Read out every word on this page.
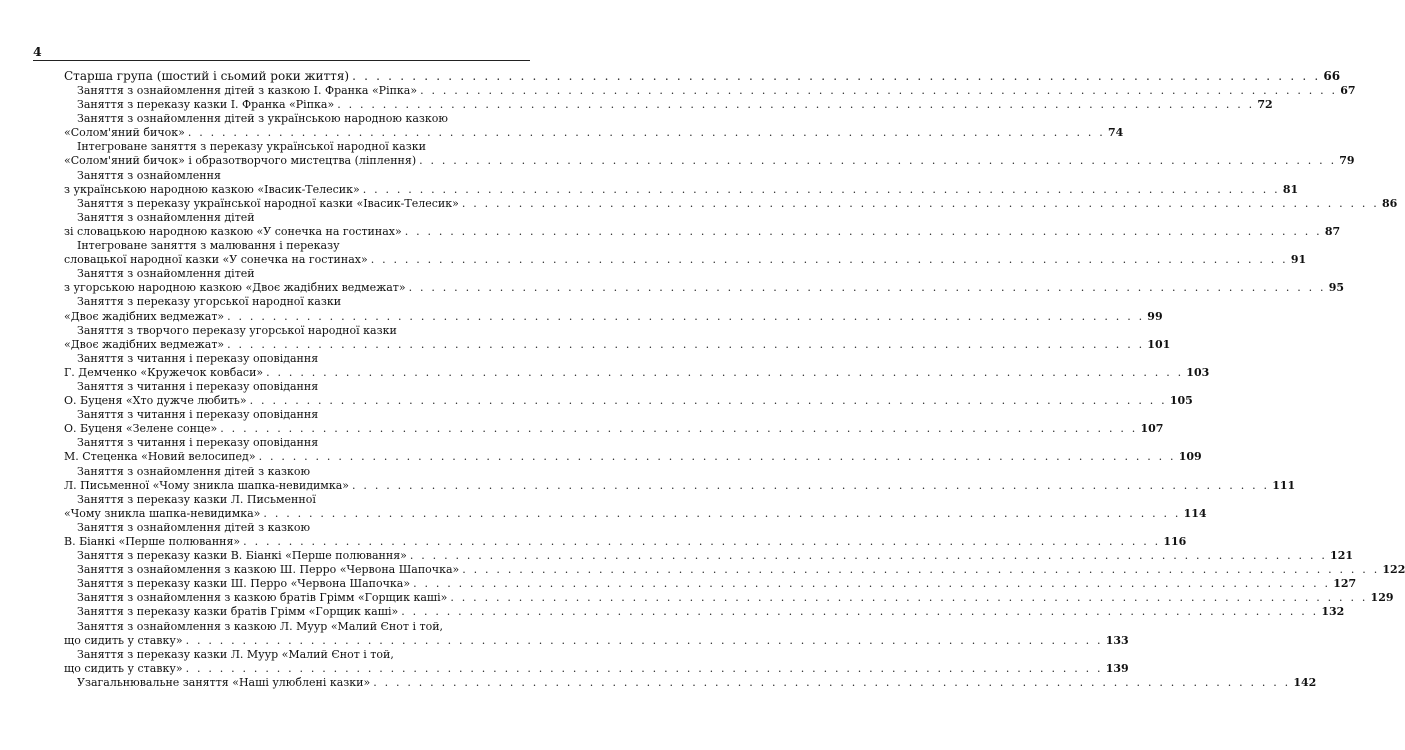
4
Старша група (шостий і сьомий роки життя) . . .	66
Заняття з ознайомлення дітей з казкою І. Франка «Ріпка» . . .	67
Заняття з переказу казки І. Франка «Ріпка» . . .	72
Заняття з ознайомлення дітей з українською народною казкою
«Солом'яний бичок» . . .	74
Інтегроване заняття з переказу української народної казки
«Солом'яний бичок» і образотворчого мистецтва (ліплення) . . .	79
Заняття з ознайомлення
з українською народною казкою «Івасик-Телесик» . . .	81
Заняття з переказу української народної казки «Івасик-Телесик» . . .	86
Заняття з ознайомлення дітей
зі словацькою народною казкою «У сонечка на гостинах» . . .	87
Інтегроване заняття з малювання і переказу
словацької народної казки «У сонечка на гостинах» . . .	91
Заняття з ознайомлення дітей
з угорською народною казкою «Двоє жадібних ведмежат» . . .	95
Заняття з переказу угорської народної казки
«Двоє жадібних ведмежат» . . .	99
Заняття з творчого переказу угорської народної казки
«Двоє жадібних ведмежат» . . .	101
Заняття з читання і переказу оповідання
Г. Демченко «Кружечок ковбаси» . . .	103
Заняття з читання і переказу оповідання
О. Буценя «Хто дужче любить» . . .	105
Заняття з читання і переказу оповідання
О. Буценя «Зелене сонце» . . .	107
Заняття з читання і переказу оповідання
М. Стеценка «Новий велосипед» . . .	109
Заняття з ознайомлення дітей з казкою
Л. Письменної «Чому зникла шапка-невидимка» . . .	111
Заняття з переказу казки Л. Письменної
«Чому зникла шапка-невидимка» . . .	114
Заняття з ознайомлення дітей з казкою
В. Біанкі «Перше полювання» . . .	116
Заняття з переказу казки В. Біанкі «Перше полювання» . . .	121
Заняття з ознайомлення з казкою Ш. Перро «Червона Шапочка» . . .	122
Заняття з переказу казки Ш. Перро «Червона Шапочка» . . .	127
Заняття з ознайомлення з казкою братів Грімм «Горщик каші» . . .	129
Заняття з переказу казки братів Грімм «Горщик каші» . . .	132
Заняття з ознайомлення з казкою Л. Муур «Малий Єнот і той,
що сидить у ставку» . . .	133
Заняття з переказу казки Л. Муур «Малий Єнот і той,
що сидить у ставку» . . .	139
Узагальнювальне заняття «Наші улюблені казки» . . .	142
